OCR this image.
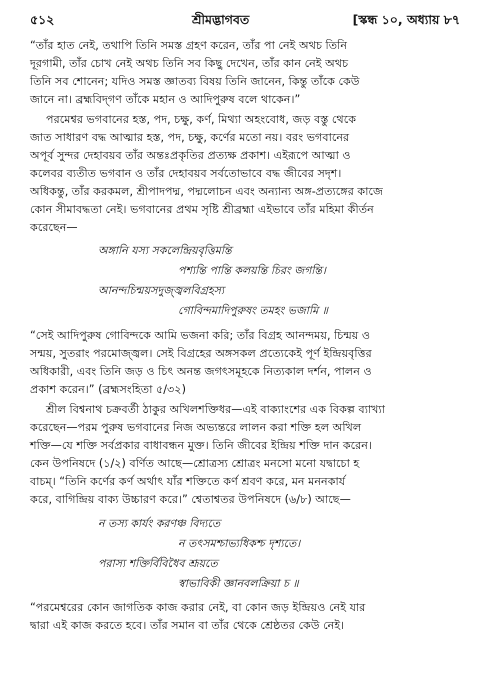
৫১২	শ্রীমদ্ভাগবত	[স্কন্ধ ১০, অধ্যায় ৮৭
“তাঁর হাত নেই, তথাপি তিনি সমস্ত গ্রহণ করেন, তাঁর পা নেই অথচ তিনি
দূরগামী, তাঁর চোখ নেই অথচ তিনি সব কিছু দেখেন, তাঁর কান নেই অথচ
তিনি সব শোনেন; যদিও সমস্ত জ্ঞাতব্য বিষয় তিনি জানেন, কিন্তু তাঁকে কেউ
জানে না। ব্রহ্মবিদ্‌গণ তাঁকে মহান ও আদিপুরুষ বলে থাকেন।”
পরমেশ্বর ভগবানের হস্ত, পদ, চক্ষু, কর্ণ, মিথ্যা অহংবোধ, জড় বস্তু থেকে
জাত সাধারণ বদ্ধ আত্মার হস্ত, পদ, চক্ষু, কর্ণের মতো নয়। বরং ভগবানের
অপূর্ব সুন্দর দেহাবয়ব তাঁর অন্তঃপ্রকৃতির প্রত্যক্ষ প্রকাশ। এইরূপে আত্মা ও
কলেবর ব্যতীত ভগবান ও তাঁর দেহাবয়ব সর্বতোভাবে বদ্ধ জীবের সদৃশ।
অধিকন্তু, তাঁর করকমল, শ্রীপাদপদ্ম, পদ্মলোচন এবং অন্যান্য অঙ্গ-প্রত্যঙ্গের কাজে
কোন সীমাবদ্ধতা নেই। ভগবানের প্রথম সৃষ্টি শ্রীব্রহ্মা এইভাবে তাঁর মহিমা কীর্তন
করেছেন—
অঙ্গানি যস্য সকলেন্দ্রিয়বৃত্তিমন্তি
পশ্যন্তি পান্তি কলয়ন্তি চিরং জগন্তি।
আনন্দচিন্ময়সদুজ্জ্বলবিগ্রহস্য
গোবিন্দমাদিপুরুষং তমহং ভজামি ॥
“সেই আদিপুরুষ গোবিন্দকে আমি ভজনা করি; তাঁর বিগ্রহ আনন্দময়, চিন্ময় ও
সন্ময়, সুতরাং পরমোজ্জ্বল। সেই বিগ্রহের অঙ্গসকল প্রত্যেকেই পূর্ণ ইন্দ্রিয়বৃত্তির
অধিকারী, এবং তিনি জড় ও চিৎ অনন্ত জগৎসমূহকে নিত্যকাল দর্শন, পালন ও
প্রকাশ করেন।” (ব্রহ্মসংহিতা ৫/৩২)
শ্রীল বিশ্বনাথ চক্রবর্তী ঠাকুর অখিলশক্তিধর—এই বাক্যাংশের এক বিকল্প ব্যাখ্যা
করেছেন—পরম পুরুষ ভগবানের নিজ অভ্যন্তরে লালন করা শক্তি হল অখিল
শক্তি—যে শক্তি সর্বপ্রকার বাধাবন্ধন মুক্ত। তিনি জীবের ইন্দ্রিয় শক্তি দান করেন।
কেন উপনিষদে (১/২) বর্ণিত আছে—শ্রোত্রস্য শ্রোত্রং মনসো মনো যদ্বাচো হ
বাচম্‌। “তিনি কর্ণের কর্ণ অর্থাৎ যাঁর শক্তিতে কর্ণ শ্রবণ করে, মন মননকার্য
করে, বাগিন্দ্রিয় বাক্য উচ্চারণ করে।” শ্বেতাশ্বতর উপনিষদে (৬/৮) আছে—
ন তস্য কার্যং করণঞ্চ বিদ্যতে
ন তৎসমশ্চাভ্যধিকশ্চ দৃশ্যতে।
পরাস্য শক্তির্বিবিধৈব শ্রূয়তে
স্বাভাবিকী জ্ঞানবলক্রিয়া চ ॥
“পরমেশ্বরের কোন জাগতিক কাজ করার নেই, বা কোন জড় ইন্দ্রিয়ও নেই যার
দ্বারা এই কাজ করতে হবে। তাঁর সমান বা তাঁর থেকে শ্রেষ্ঠতর কেউ নেই।
